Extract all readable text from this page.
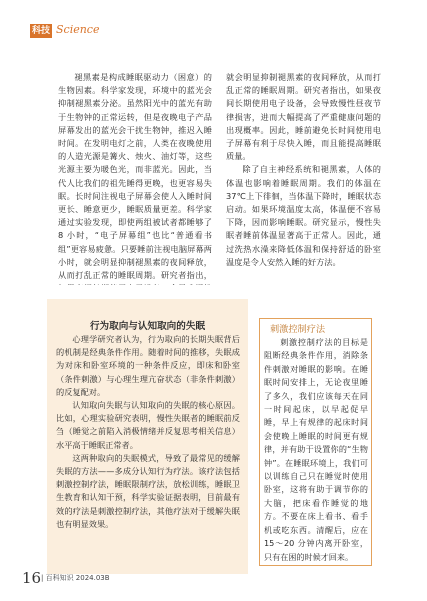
科技 Science

褪黑素是构成睡眠驱动力（困意）的生物因素。科学家发现，环境中的蓝光会抑制褪黑素分泌。虽然阳光中的蓝光有助于生物钟的正常运转，但是夜晚电子产品屏幕发出的蓝光会干扰生物钟，推迟入睡时间。在发明电灯之前，人类在夜晚使用的人造光源是篝火、烛火、油灯等，这些光源主要为暖色光，而非蓝光。因此，当代人比我们的祖先睡得更晚，也更容易失眠。长时间注视电子屏幕会使人入睡时间更长、睡意更少，睡眠质量更差。科学家通过实验发现，即使两组被试者都睡够了 8 小时，“电子屏幕组”也比“普通看书组”更容易疲惫。只要睡前注视电脑屏幕两小时，就会明显抑制褪黑素的夜间释放，从而打乱正常的睡眠周期。研究者指出，

就会明显抑制褪黑素的夜间释放，从而打乱正常的睡眠周期。研究者指出，如果夜间长期使用电子设备，会导致慢性昼夜节律损害，进而大幅提高了严重健康问题的出现概率。因此，睡前避免长时间使用电子屏幕有利于尽快入睡，而且能提高睡眠质量。

除了自主神经系统和褪黑素，人体的体温也影响着睡眠周期。我们的体温在37℃上下徘徊，当体温下降时，睡眠状态启动。如果环境温度太高，体温便不容易下降，因而影响睡眠。研究显示，慢性失眠者睡前体温显著高于正常人。因此，通过洗热水澡来降低体温和保持舒适的卧室温度是令人安然入睡的好方法。

行为取向与认知取向的失眠

心理学研究者认为，行为取向的长期失眠背后的机制是经典条件作用。随着时间的推移，失眠成为对床和卧室环境的一种条件反应，即床和卧室（条件刺激）与心理生理亢奋状态（非条件刺激）的反复配对。

认知取向失眠与认知取向的失眠的核心原因。比如，心理实验研究表明，慢性失眠者的睡眠前反刍（睡觉之前陷入消极情绪并反复思考相关信息）水平高于睡眠正常者。

这两种取向的失眠模式，导致了最常见的缓解失眠的方法——多成分认知行为疗法。该疗法包括刺激控制疗法，睡眠限制疗法，放松训练，睡眠卫生教育和认知干预，科学实验证据表明，目前最有效的疗法是刺激控制疗法，其他疗法对于缓解失眠也有明显效果。

刺激控制疗法

刺激控制疗法的目标是阻断经典条件作用，消除条件刺激对睡眠的影响。在睡眠时间安排上，无论夜里睡了多久，我们应该每天在同一时间起床，以早起促早睡，早上有规律的起床时间会使晚上睡眠的时间更有规律，并有助于设置你的“生物钟”。在睡眠环境上，我们可以训练自己只在睡觉时使用卧室，这将有助于调节你的大脑，把床看作睡觉的地方。不要在床上看书、看手机或吃东西。清醒后，应在15～20 分钟内离开卧室，只有在困的时候才回来。

16 | 百科知识 2024.03B
